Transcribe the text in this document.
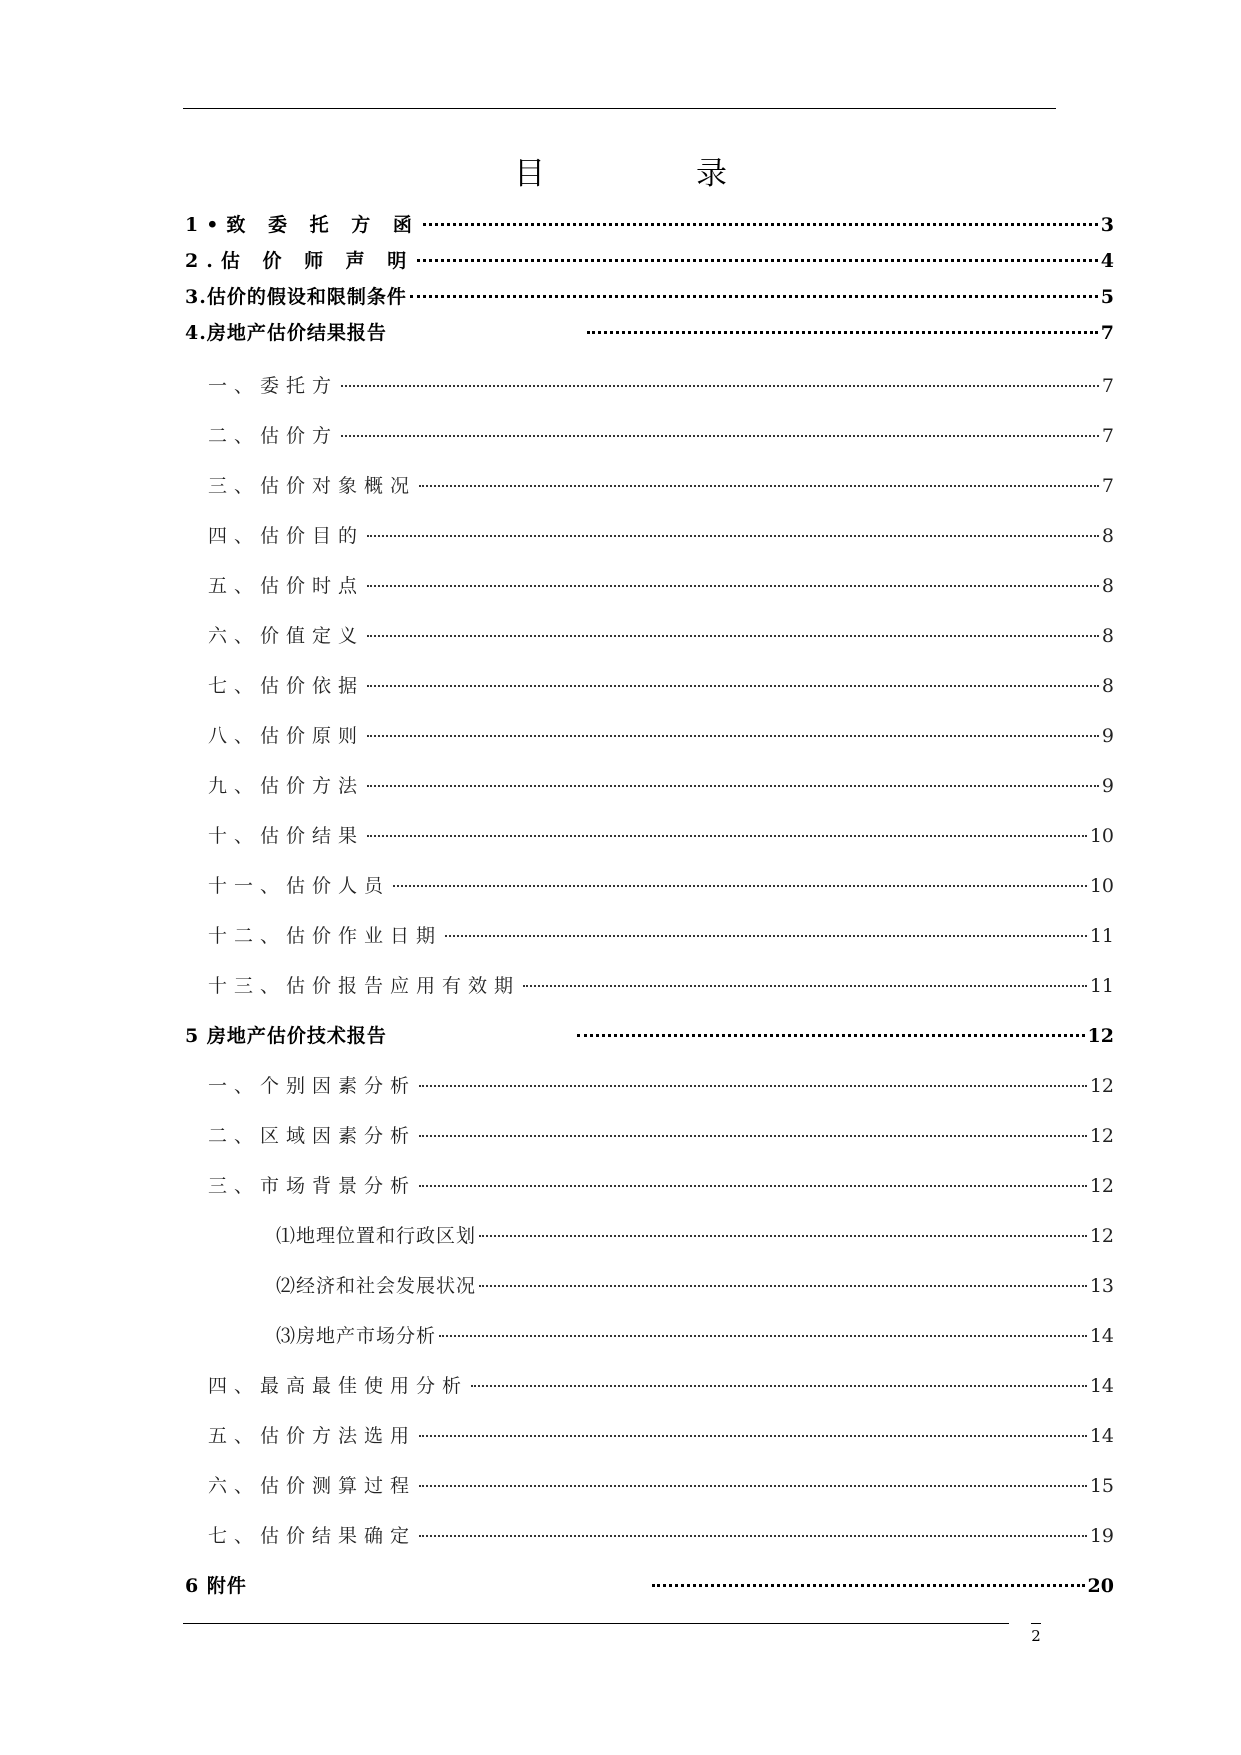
目　录
1•致 委 托 方 函	3
2.估 价 师 声 明	4
3.估价的假设和限制条件	5
4.房地产估价结果报告	7
一、委托方	7
二、估价方	7
三、估价对象概况	7
四、估价目的	8
五、估价时点	8
六、价值定义	8
七、估价依据	8
八、估价原则	9
九、估价方法	9
十、估价结果	10
十一、估价人员	10
十二、估价作业日期	11
十三、估价报告应用有效期	11
5 房地产估价技术报告	12
一、个别因素分析	12
二、区域因素分析	12
三、市场背景分析	12
⑴地理位置和行政区划	12
⑵经济和社会发展状况	13
⑶房地产市场分析	14
四、最高最佳使用分析	14
五、估价方法选用	14
六、估价测算过程	15
七、估价结果确定	19
6 附件	20
2
